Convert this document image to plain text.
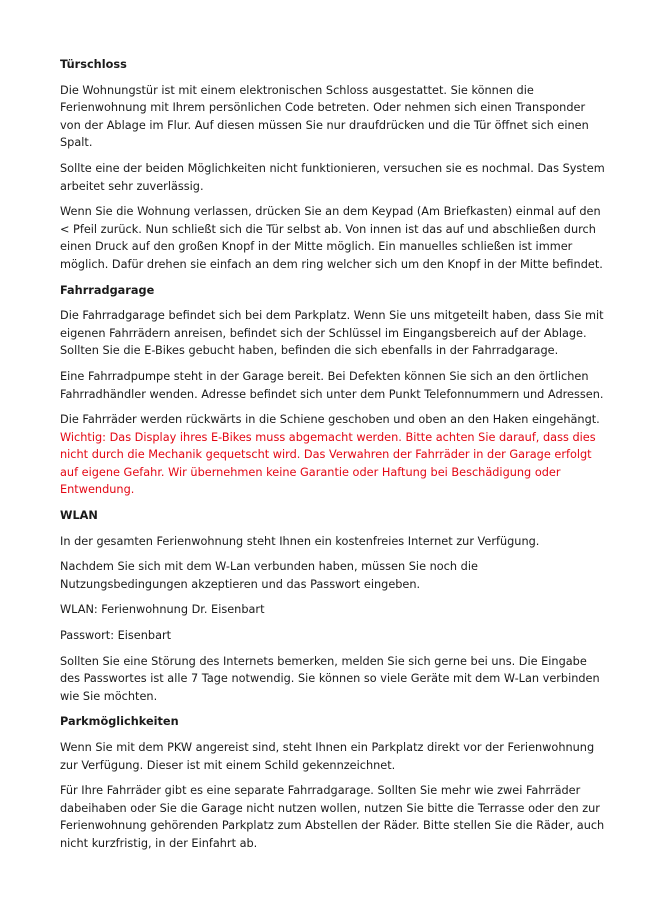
Türschloss
Die Wohnungstür ist mit einem elektronischen Schloss ausgestattet. Sie können die Ferienwohnung mit Ihrem persönlichen Code betreten. Oder nehmen sich einen Transponder von der Ablage im Flur. Auf diesen müssen Sie nur draufdrücken und die Tür öffnet sich einen Spalt.
Sollte eine der beiden Möglichkeiten nicht funktionieren, versuchen sie es nochmal. Das System arbeitet sehr zuverlässig.
Wenn Sie die Wohnung verlassen, drücken Sie an dem Keypad (Am Briefkasten) einmal auf den < Pfeil zurück. Nun schließt sich die Tür selbst ab. Von innen ist das auf und abschließen durch einen Druck auf den großen Knopf in der Mitte möglich. Ein manuelles schließen ist immer möglich. Dafür drehen sie einfach an dem ring welcher sich um den Knopf in der Mitte befindet.
Fahrradgarage
Die Fahrradgarage befindet sich bei dem Parkplatz. Wenn Sie uns mitgeteilt haben, dass Sie mit eigenen Fahrrädern anreisen, befindet sich der Schlüssel im Eingangsbereich auf der Ablage. Sollten Sie die E-Bikes gebucht haben, befinden die sich ebenfalls in der Fahrradgarage.
Eine Fahrradpumpe steht in der Garage bereit. Bei Defekten können Sie sich an den örtlichen Fahrradhändler wenden. Adresse befindet sich unter dem Punkt Telefonnummern und Adressen.
Die Fahrräder werden rückwärts in die Schiene geschoben und oben an den Haken eingehängt.
Wichtig: Das Display ihres E-Bikes muss abgemacht werden. Bitte achten Sie darauf, dass dies nicht durch die Mechanik gequetscht wird. Das Verwahren der Fahrräder in der Garage erfolgt auf eigene Gefahr. Wir übernehmen keine Garantie oder Haftung bei Beschädigung oder Entwendung.
WLAN
In der gesamten Ferienwohnung steht Ihnen ein kostenfreies Internet zur Verfügung.
Nachdem Sie sich mit dem W-Lan verbunden haben, müssen Sie noch die Nutzungsbedingungen akzeptieren und das Passwort eingeben.
WLAN: Ferienwohnung Dr. Eisenbart
Passwort: Eisenbart
Sollten Sie eine Störung des Internets bemerken, melden Sie sich gerne bei uns. Die Eingabe des Passwortes ist alle 7 Tage notwendig. Sie können so viele Geräte mit dem W-Lan verbinden wie Sie möchten.
Parkmöglichkeiten
Wenn Sie mit dem PKW angereist sind, steht Ihnen ein Parkplatz direkt vor der Ferienwohnung zur Verfügung. Dieser ist mit einem Schild gekennzeichnet.
Für Ihre Fahrräder gibt es eine separate Fahrradgarage. Sollten Sie mehr wie zwei Fahrräder dabeihaben oder Sie die Garage nicht nutzen wollen, nutzen Sie bitte die Terrasse oder den zur Ferienwohnung gehörenden Parkplatz zum Abstellen der Räder. Bitte stellen Sie die Räder, auch nicht kurzfristig, in der Einfahrt ab.
